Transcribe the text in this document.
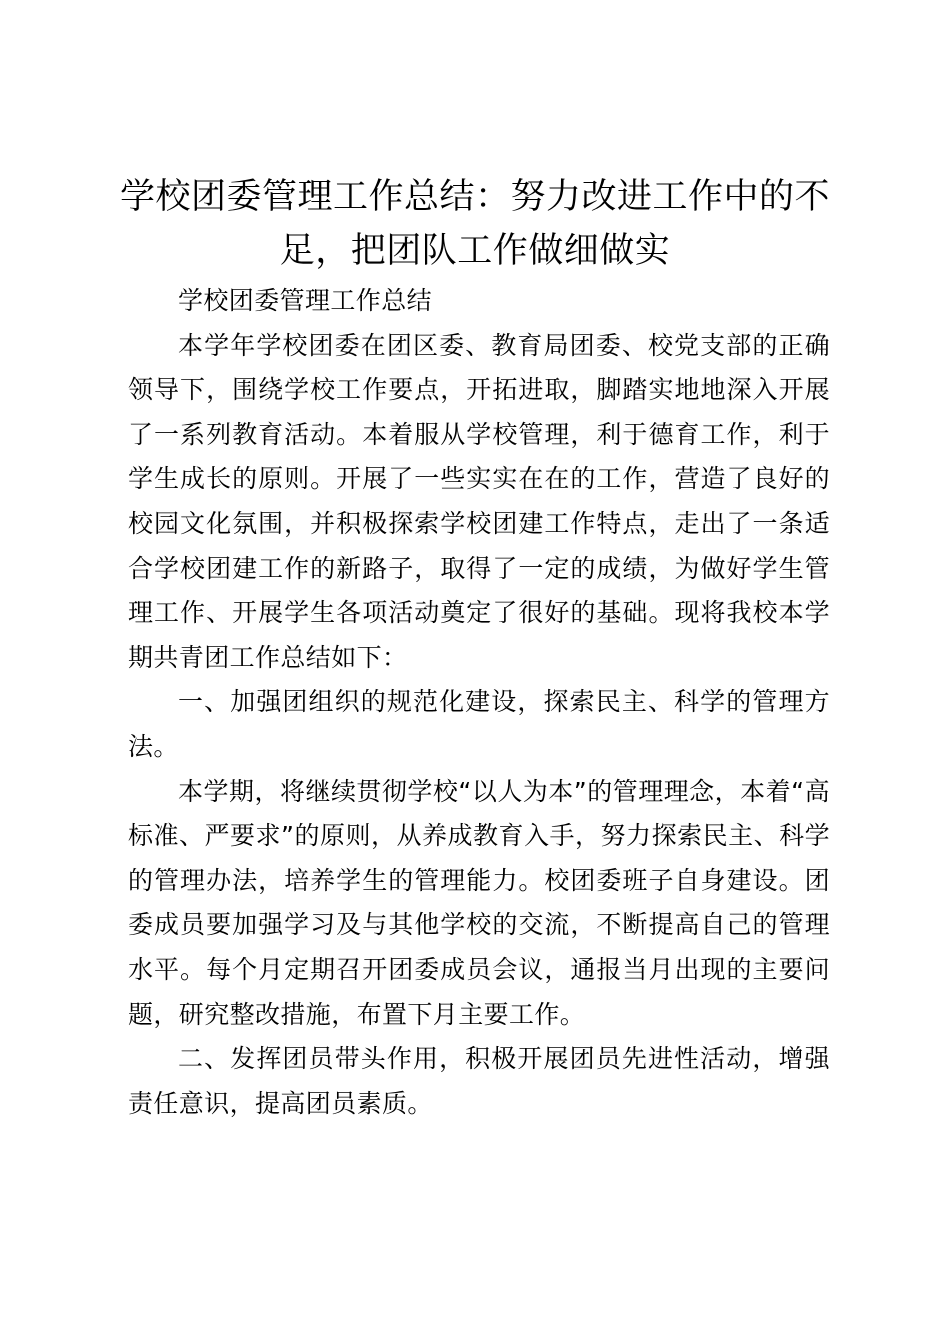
学校团委管理工作总结：努力改进工作中的不足，把团队工作做细做实

学校团委管理工作总结

本学年学校团委在团区委、教育局团委、校党支部的正确领导下，围绕学校工作要点，开拓进取，脚踏实地地深入开展了一系列教育活动。本着服从学校管理，利于德育工作，利于学生成长的原则。开展了一些实实在在的工作，营造了良好的校园文化氛围，并积极探索学校团建工作特点，走出了一条适合学校团建工作的新路子，取得了一定的成绩，为做好学生管理工作、开展学生各项活动奠定了很好的基础。现将我校本学期共青团工作总结如下：

一、加强团组织的规范化建设，探索民主、科学的管理方法。

本学期，将继续贯彻学校“以人为本”的管理理念，本着“高标准、严要求”的原则，从养成教育入手，努力探索民主、科学的管理办法，培养学生的管理能力。校团委班子自身建设。团委成员要加强学习及与其他学校的交流，不断提高自己的管理水平。每个月定期召开团委成员会议，通报当月出现的主要问题，研究整改措施，布置下月主要工作。

二、发挥团员带头作用，积极开展团员先进性活动，增强责任意识，提高团员素质。
